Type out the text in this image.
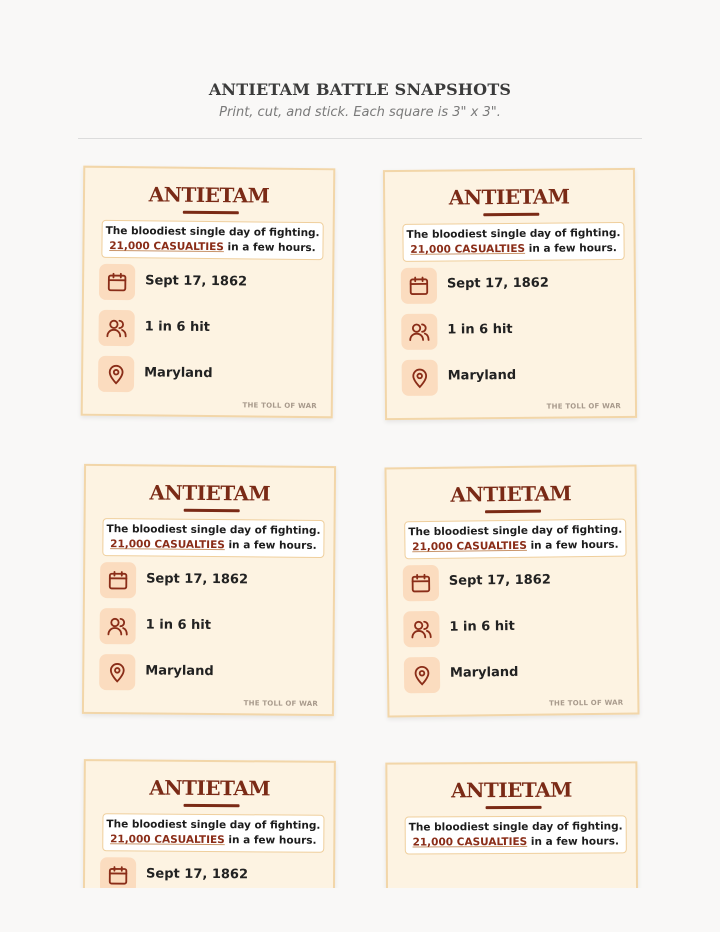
ANTIETAM BATTLE SNAPSHOTS
Print, cut, and stick. Each square is 3" x 3".
ANTIETAM
The bloodiest single day of fighting.
21,000 CASUALTIES in a few hours.
Sept 17, 1862
1 in 6 hit
Maryland
THE TOLL OF WAR
ANTIETAM
The bloodiest single day of fighting.
21,000 CASUALTIES in a few hours.
Sept 17, 1862
1 in 6 hit
Maryland
THE TOLL OF WAR
ANTIETAM
The bloodiest single day of fighting.
21,000 CASUALTIES in a few hours.
Sept 17, 1862
1 in 6 hit
Maryland
THE TOLL OF WAR
ANTIETAM
The bloodiest single day of fighting.
21,000 CASUALTIES in a few hours.
Sept 17, 1862
1 in 6 hit
Maryland
THE TOLL OF WAR
ANTIETAM
The bloodiest single day of fighting.
21,000 CASUALTIES in a few hours.
Sept 17, 1862
ANTIETAM
The bloodiest single day of fighting.
21,000 CASUALTIES in a few hours.
